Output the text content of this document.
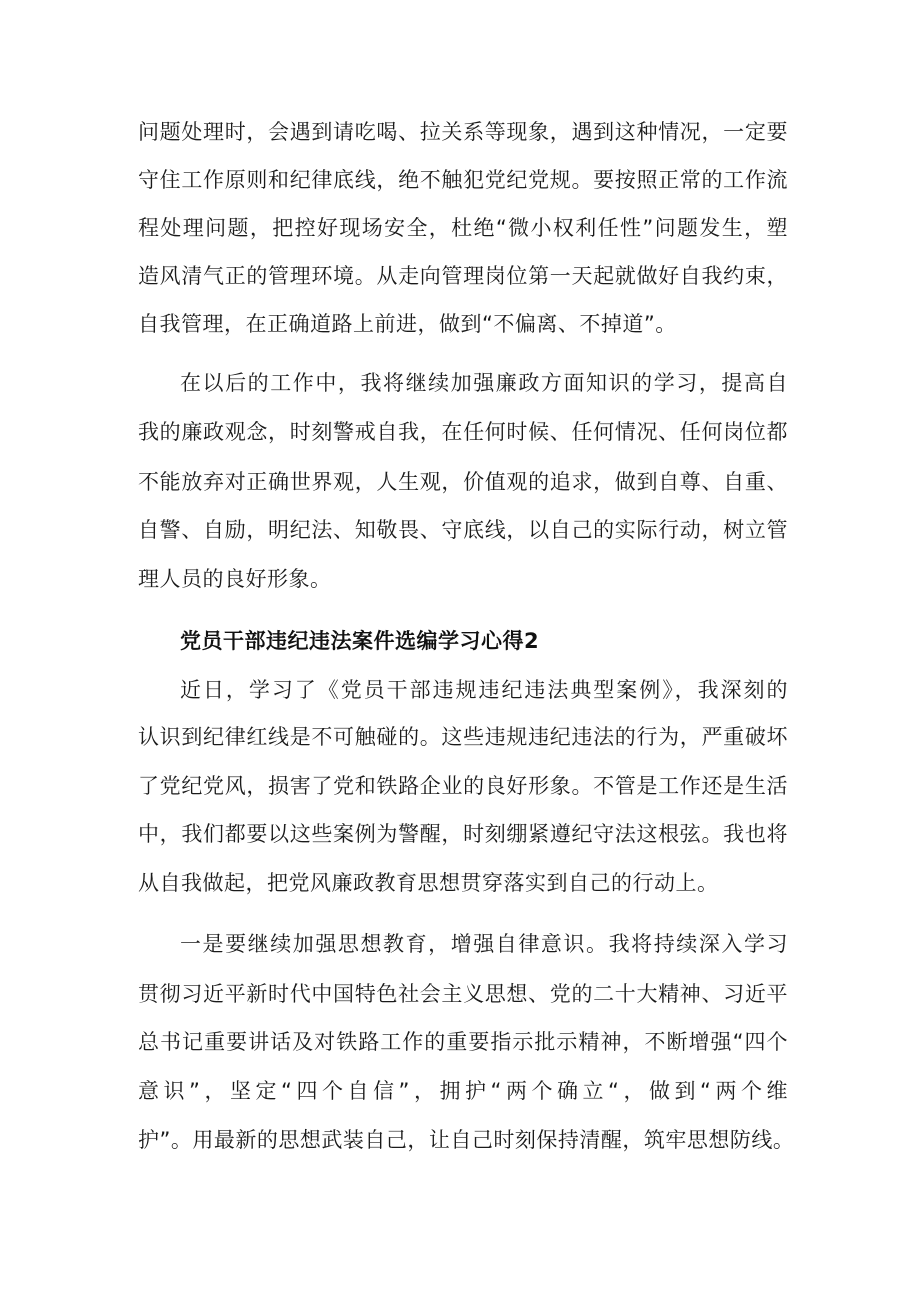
问题处理时，会遇到请吃喝、拉关系等现象，遇到这种情况，一定要
守住工作原则和纪律底线，绝不触犯党纪党规。要按照正常的工作流
程处理问题，把控好现场安全，杜绝“微小权利任性”问题发生，塑
造风清气正的管理环境。从走向管理岗位第一天起就做好自我约束，
自我管理，在正确道路上前进，做到“不偏离、不掉道”。
在以后的工作中，我将继续加强廉政方面知识的学习，提高自
我的廉政观念，时刻警戒自我，在任何时候、任何情况、任何岗位都
不能放弃对正确世界观，人生观，价值观的追求，做到自尊、自重、
自警、自励，明纪法、知敬畏、守底线，以自己的实际行动，树立管
理人员的良好形象。
党员干部违纪违法案件选编学习心得2
近日，学习了《党员干部违规违纪违法典型案例》，我深刻的
认识到纪律红线是不可触碰的。这些违规违纪违法的行为，严重破坏
了党纪党风，损害了党和铁路企业的良好形象。不管是工作还是生活
中，我们都要以这些案例为警醒，时刻绷紧遵纪守法这根弦。我也将
从自我做起，把党风廉政教育思想贯穿落实到自己的行动上。
一是要继续加强思想教育，增强自律意识。我将持续深入学习
贯彻习近平新时代中国特色社会主义思想、党的二十大精神、习近平
总书记重要讲话及对铁路工作的重要指示批示精神，不断增强“四个
意识”，坚定“四个自信”，拥护“两个确立“，做到“两个维
护”。用最新的思想武装自己，让自己时刻保持清醒，筑牢思想防线。
